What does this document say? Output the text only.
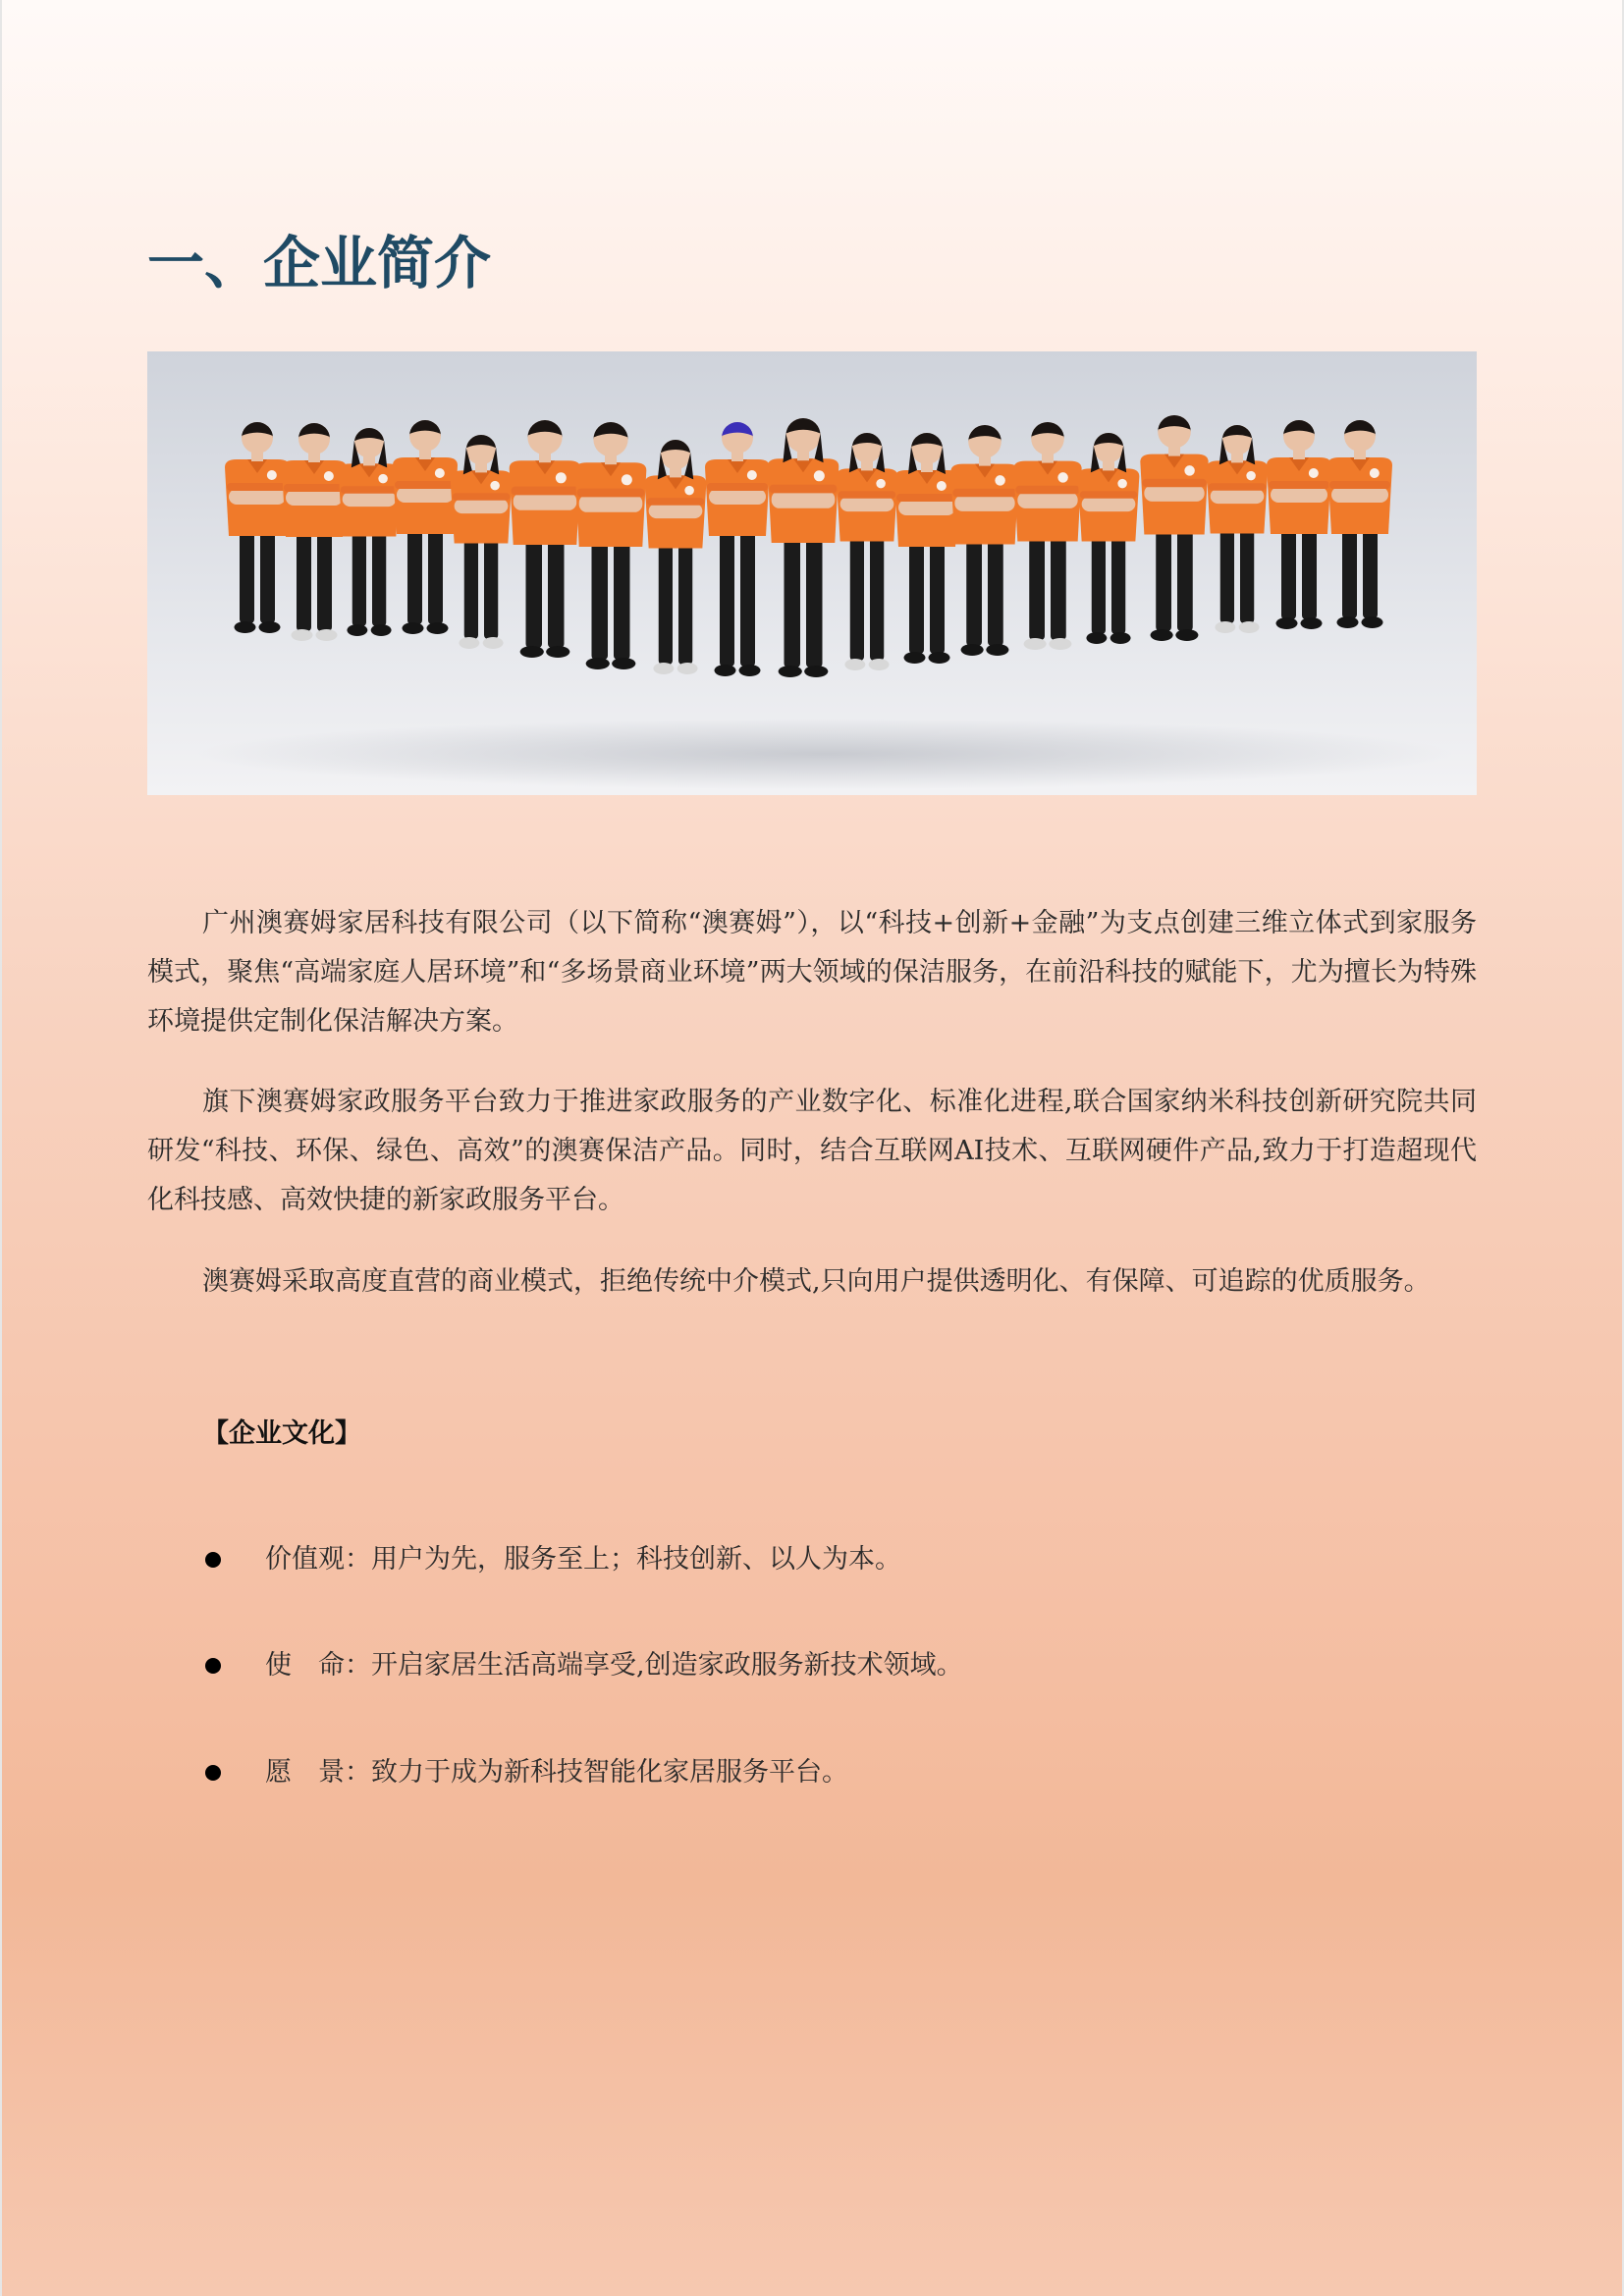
一、企业简介

广州澳赛姆家居科技有限公司（以下简称“澳赛姆”），以“科技+创新+金融”为支点创建三维立体式到家服务模式，聚焦“高端家庭人居环境”和“多场景商业环境”两大领域的保洁服务，在前沿科技的赋能下，尤为擅长为特殊环境提供定制化保洁解决方案。

旗下澳赛姆家政服务平台致力于推进家政服务的产业数字化、标准化进程,联合国家纳米科技创新研究院共同研发“科技、环保、绿色、高效”的澳赛保洁产品。同时，结合互联网AI技术、互联网硬件产品,致力于打造超现代化科技感、高效快捷的新家政服务平台。

澳赛姆采取高度直营的商业模式，拒绝传统中介模式,只向用户提供透明化、有保障、可追踪的优质服务。

【企业文化】
价值观：用户为先，服务至上；科技创新、以人为本。
使　命：开启家居生活高端享受,创造家政服务新技术领域。
愿　景：致力于成为新科技智能化家居服务平台。
